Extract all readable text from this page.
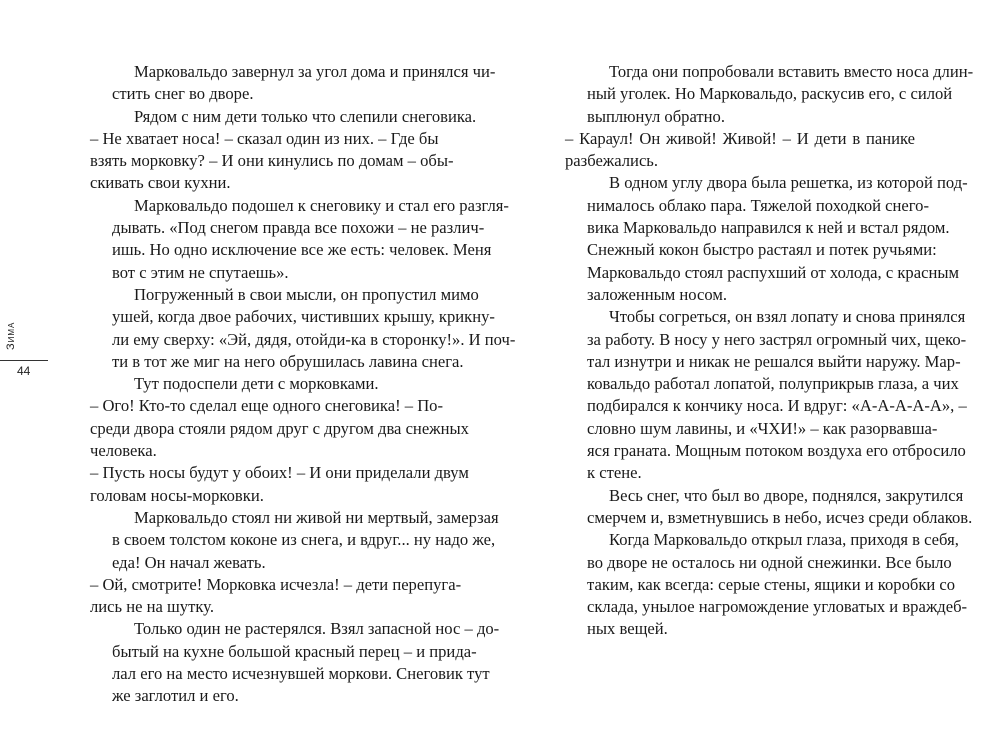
Зима
44

Марковальдо завернул за угол дома и принялся чи-
стить снег во дворе.

Рядом с ним дети только что слепили снеговика.

– Не хватает носа! – сказал один из них. – Где бы
взять морковку? – И они кинулись по домам – обы-
скивать свои кухни.

Марковальдо подошел к снеговику и стал его разгля-
дывать. «Под снегом правда все похожи – не различ-
ишь. Но одно исключение все же есть: человек. Меня
вот с этим не спутаешь».

Погруженный в свои мысли, он пропустил мимо
ушей, когда двое рабочих, чистивших крышу, крикну-
ли ему сверху: «Эй, дядя, отойди-ка в сторонку!». И поч-
ти в тот же миг на него обрушилась лавина снега.

Тут подоспели дети с морковками.

– Ого! Кто-то сделал еще одного снеговика! – По-
среди двора стояли рядом друг с другом два снежных
человека.

– Пусть носы будут у обоих! – И они приделали двум
головам носы-морковки.

Марковальдо стоял ни живой ни мертвый, замерзая
в своем толстом коконе из снега, и вдруг... ну надо же,
еда! Он начал жевать.

– Ой, смотрите! Морковка исчезла! – дети перепуга-
лись не на шутку.

Только один не растерялся. Взял запасной нос – до-
бытый на кухне большой красный перец – и прида-
лал его на место исчезнувшей моркови. Снеговик тут
же заглотил и его.

Тогда они попробовали вставить вместо носа длин-
ный уголек. Но Марковальдо, раскусив его, с силой
выплюнул обратно.

– Караул! Он живой! Живой! – И дети в панике
разбежались.

В одном углу двора была решетка, из которой под-
нималось облако пара. Тяжелой походкой снего-
вика Марковальдо направился к ней и встал рядом.
Снежный кокон быстро растаял и потек ручьями:
Марковальдо стоял распухший от холода, с красным
заложенным носом.

Чтобы согреться, он взял лопату и снова принялся
за работу. В носу у него застрял огромный чих, щеко-
тал изнутри и никак не решался выйти наружу. Мар-
ковальдо работал лопатой, полуприкрыв глаза, а чих
подбирался к кончику носа. И вдруг: «А-А-А-А-А», –
словно шум лавины, и «ЧХИ!» – как разорвавша-
яся граната. Мощным потоком воздуха его отбросило
к стене.

Весь снег, что был во дворе, поднялся, закрутился
смерчем и, взметнувшись в небо, исчез среди облаков.

Когда Марковальдо открыл глаза, приходя в себя,
во дворе не осталось ни одной снежинки. Все было
таким, как всегда: серые стены, ящики и коробки со
склада, унылое нагромождение угловатых и враждеб-
ных вещей.
